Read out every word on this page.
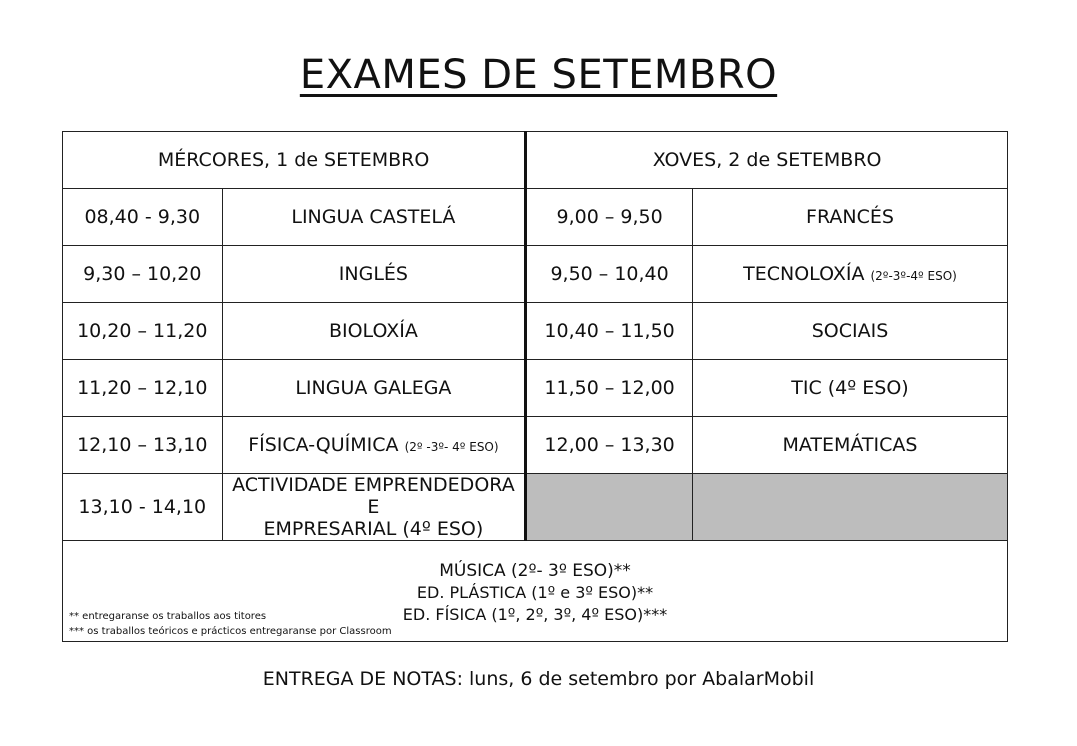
EXAMES DE SETEMBRO
MÉRCORES, 1 de SETEMBRO		XOVES, 2 de SETEMBRO	
08,40 - 9,30	LINGUA CASTELÁ	9,00 – 9,50	FRANCÉS
9,30 – 10,20	INGLÉS	9,50 – 10,40	TECNOLOXÍA (2º-3º-4º ESO)
10,20 – 11,20	BIOLOXÍA	10,40 – 11,50	SOCIAIS
11,20 – 12,10	LINGUA GALEGA	11,50 – 12,00	TIC (4º ESO)
12,10 – 13,10	FÍSICA-QUÍMICA (2º -3º- 4º ESO)	12,00 – 13,30	MATEMÁTICAS
13,10 - 14,10	ACTIVIDADE EMPRENDEDORA E
EMPRESARIAL (4º ESO)		

MÚSICA (2º- 3º ESO)**
ED. PLÁSTICA (1º e 3º ESO)**
ED. FÍSICA (1º, 2º, 3º, 4º ESO)***
** entregaranse os traballos aos titores
*** os traballos teóricos e prácticos entregaranse por Classroom			
ENTREGA DE NOTAS: luns, 6 de setembro por AbalarMobil
